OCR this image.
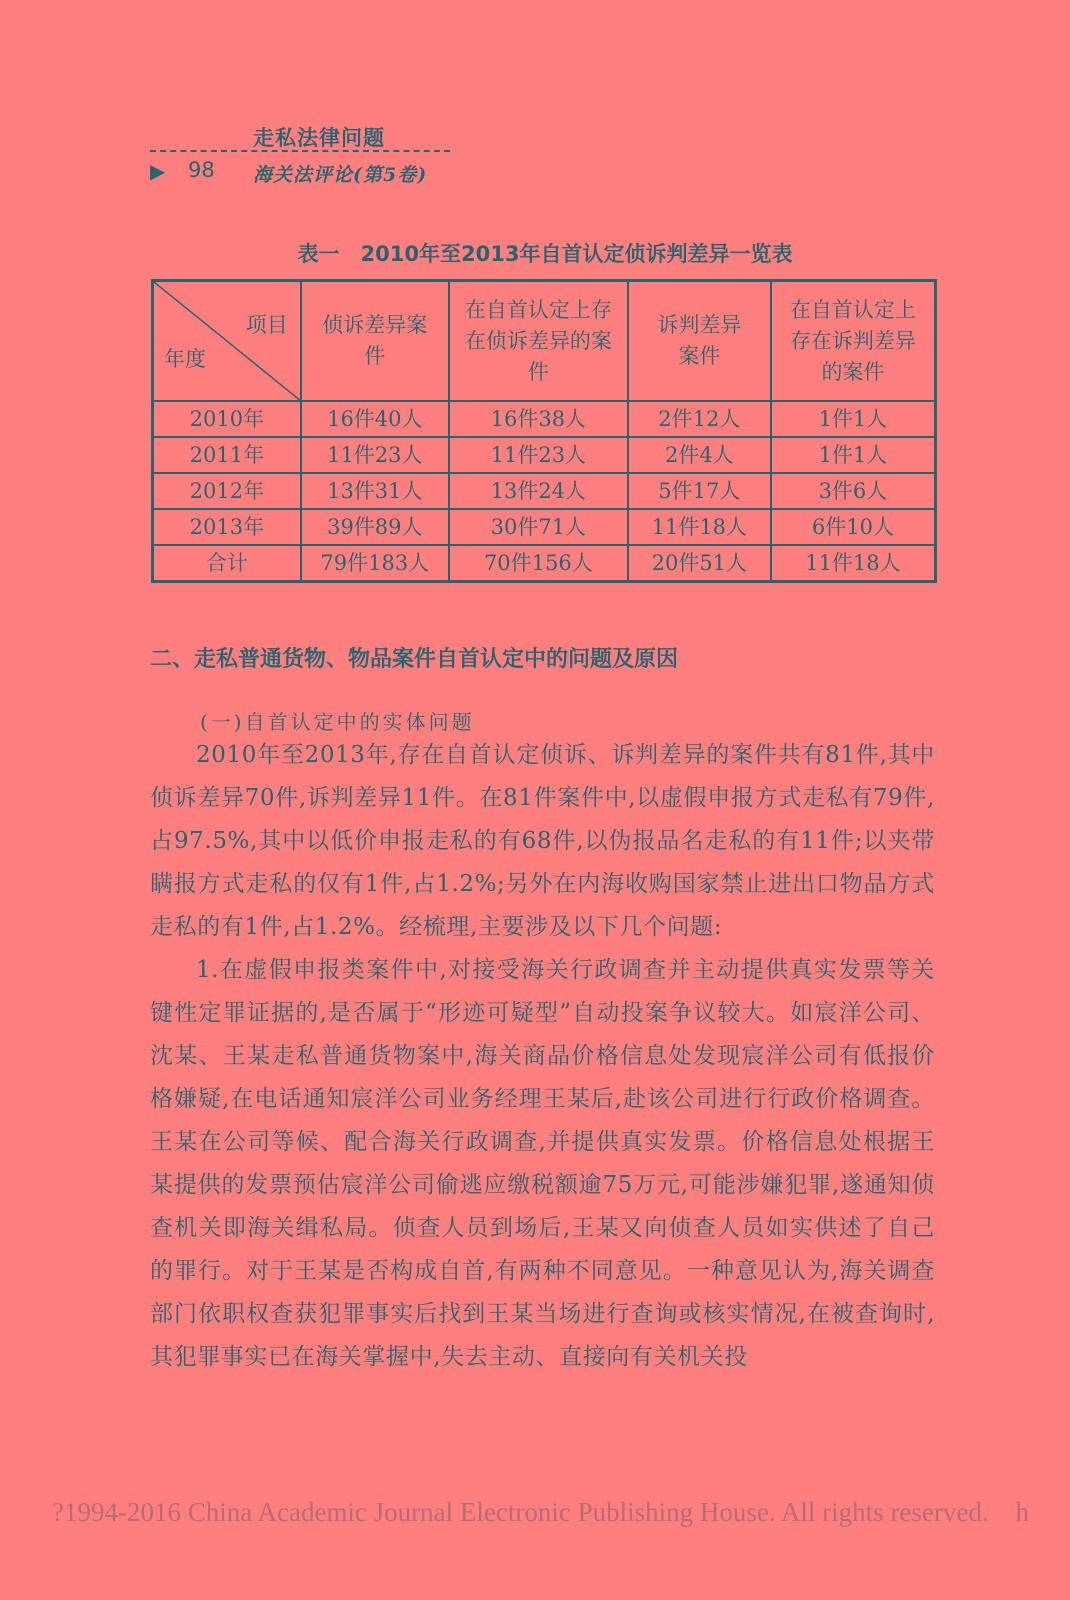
走私法律问题
▶ 98 海关法评论(第5卷)
表一　2010年至2013年自首认定侦诉判差异一览表
项目
年度	侦诉差异案件	在自首认定上存在侦诉差异的案件	诉判差异案件	在自首认定上存在诉判差异的案件
2010年	16件40人	16件38人	2件12人	1件1人
2011年	11件23人	11件23人	2件4人	1件1人
2012年	13件31人	13件24人	5件17人	3件6人
2013年	39件89人	30件71人	11件18人	6件10人
合计	79件183人	70件156人	20件51人	11件18人
二、走私普通货物、物品案件自首认定中的问题及原因
(一)自首认定中的实体问题

2010年至2013年,存在自首认定侦诉、诉判差异的案件共有81件,其中侦诉差异70件,诉判差异11件。在81件案件中,以虚假申报方式走私有79件,占97.5%,其中以低价申报走私的有68件,以伪报品名走私的有11件;以夹带瞒报方式走私的仅有1件,占1.2%;另外在内海收购国家禁止进出口物品方式走私的有1件,占1.2%。经梳理,主要涉及以下几个问题:

1.在虚假申报类案件中,对接受海关行政调查并主动提供真实发票等关键性定罪证据的,是否属于“形迹可疑型”自动投案争议较大。如宸洋公司、沈某、王某走私普通货物案中,海关商品价格信息处发现宸洋公司有低报价格嫌疑,在电话通知宸洋公司业务经理王某后,赴该公司进行行政价格调查。王某在公司等候、配合海关行政调查,并提供真实发票。价格信息处根据王某提供的发票预估宸洋公司偷逃应缴税额逾75万元,可能涉嫌犯罪,遂通知侦查机关即海关缉私局。侦查人员到场后,王某又向侦查人员如实供述了自己的罪行。对于王某是否构成自首,有两种不同意见。一种意见认为,海关调查部门依职权查获犯罪事实后找到王某当场进行查询或核实情况,在被查询时,其犯罪事实已在海关掌握中,失去主动、直接向有关机关投

?1994-2016 China Academic Journal Electronic Publishing House. All rights reserved.　h
